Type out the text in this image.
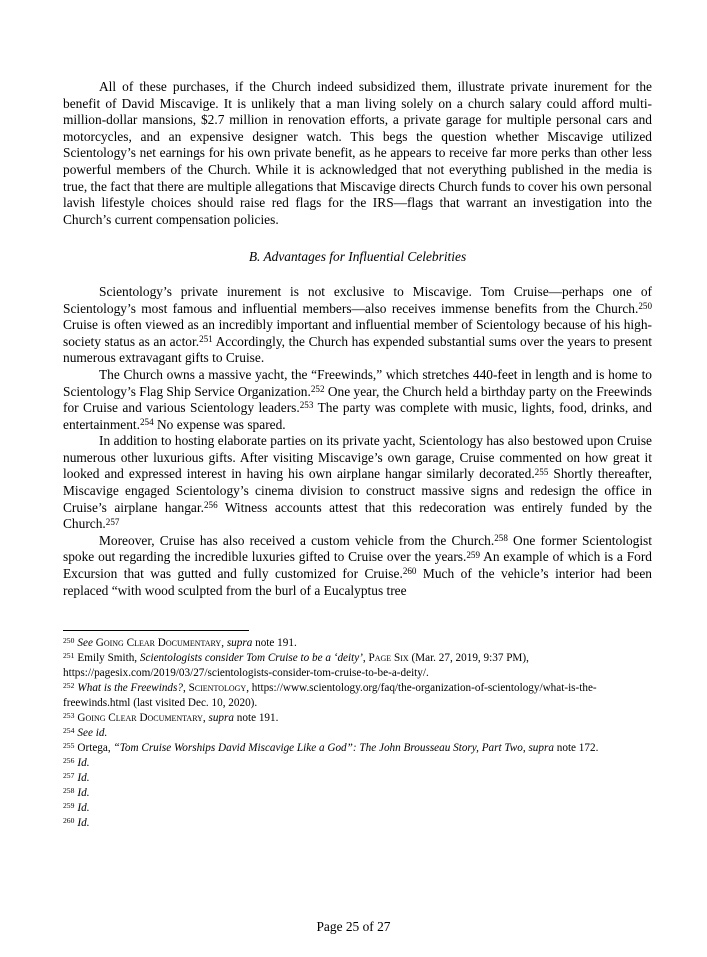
All of these purchases, if the Church indeed subsidized them, illustrate private inurement for the benefit of David Miscavige. It is unlikely that a man living solely on a church salary could afford multi-million-dollar mansions, $2.7 million in renovation efforts, a private garage for multiple personal cars and motorcycles, and an expensive designer watch. This begs the question whether Miscavige utilized Scientology’s net earnings for his own private benefit, as he appears to receive far more perks than other less powerful members of the Church. While it is acknowledged that not everything published in the media is true, the fact that there are multiple allegations that Miscavige directs Church funds to cover his own personal lavish lifestyle choices should raise red flags for the IRS—flags that warrant an investigation into the Church’s current compensation policies.

B. Advantages for Influential Celebrities

Scientology’s private inurement is not exclusive to Miscavige. Tom Cruise—perhaps one of Scientology’s most famous and influential members—also receives immense benefits from the Church.$^{250}$ Cruise is often viewed as an incredibly important and influential member of Scientology because of his high-society status as an actor.$^{251}$ Accordingly, the Church has expended substantial sums over the years to present numerous extravagant gifts to Cruise.

The Church owns a massive yacht, the “Freewinds,” which stretches 440-feet in length and is home to Scientology’s Flag Ship Service Organization.$^{252}$ One year, the Church held a birthday party on the Freewinds for Cruise and various Scientology leaders.$^{253}$ The party was complete with music, lights, food, drinks, and entertainment.$^{254}$ No expense was spared.

In addition to hosting elaborate parties on its private yacht, Scientology has also bestowed upon Cruise numerous other luxurious gifts. After visiting Miscavige’s own garage, Cruise commented on how great it looked and expressed interest in having his own airplane hangar similarly decorated.$^{255}$ Shortly thereafter, Miscavige engaged Scientology’s cinema division to construct massive signs and redesign the office in Cruise’s airplane hangar.$^{256}$ Witness accounts attest that this redecoration was entirely funded by the Church.$^{257}$

Moreover, Cruise has also received a custom vehicle from the Church.$^{258}$ One former Scientologist spoke out regarding the incredible luxuries gifted to Cruise over the years.$^{259}$ An example of which is a Ford Excursion that was gutted and fully customized for Cruise.$^{260}$ Much of the vehicle’s interior had been replaced “with wood sculpted from the burl of a Eucalyptus tree

$^{250}$ See Going Clear Documentary, supra note 191.

$^{251}$ Emily Smith, Scientologists consider Tom Cruise to be a ‘deity’, Page Six (Mar. 27, 2019, 9:37 PM), https://pagesix.com/2019/03/27/scientologists-consider-tom-cruise-to-be-a-deity/.

$^{252}$ What is the Freewinds?, Scientology, https://www.scientology.org/faq/the-organization-of-scientology/what-is-the-freewinds.html (last visited Dec. 10, 2020).

$^{253}$ Going Clear Documentary, supra note 191.

$^{254}$ See id.

$^{255}$ Ortega, “Tom Cruise Worships David Miscavige Like a God”: The John Brousseau Story, Part Two, supra note 172.

$^{256}$ Id.

$^{257}$ Id.

$^{258}$ Id.

$^{259}$ Id.

$^{260}$ Id.

Page 25 of 27
